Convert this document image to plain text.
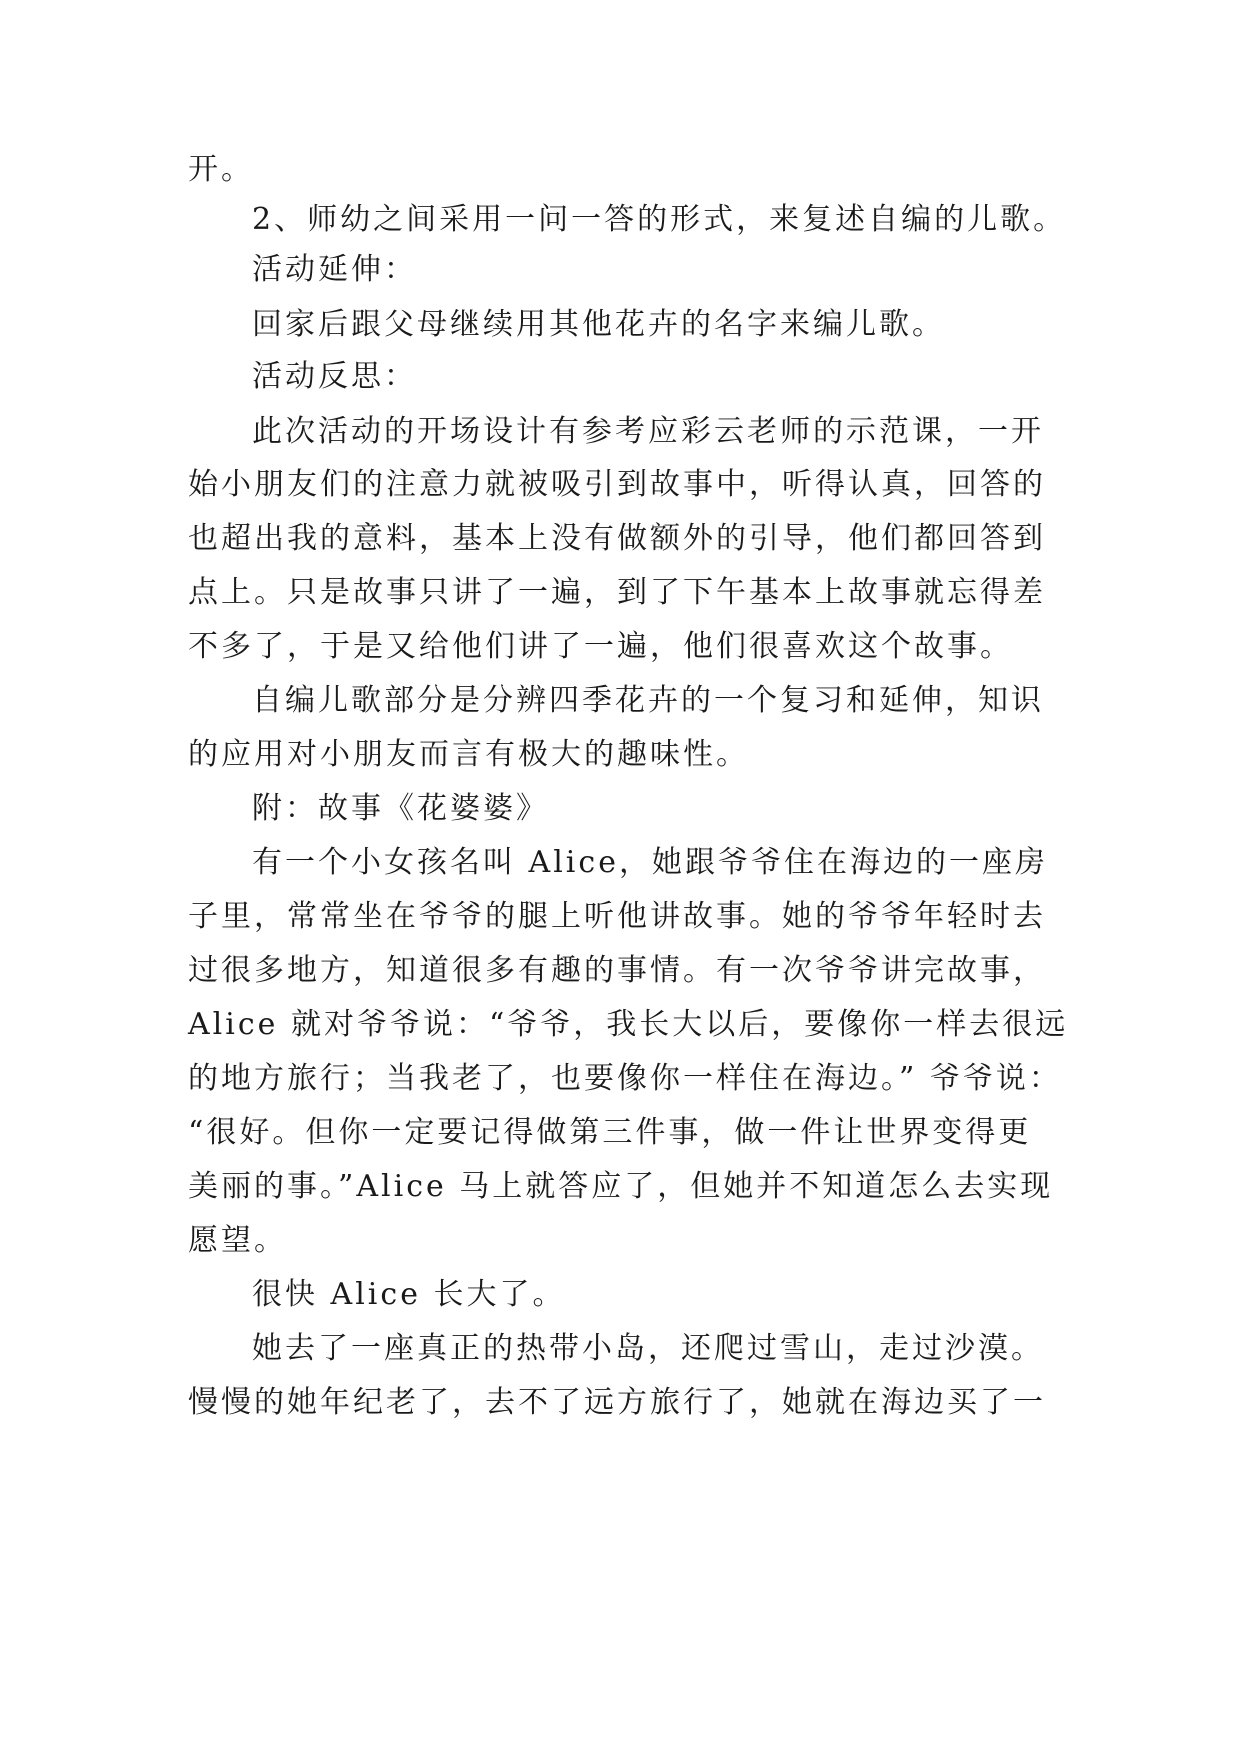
开。
2、师幼之间采用一问一答的形式，来复述自编的儿歌。
活动延伸：
回家后跟父母继续用其他花卉的名字来编儿歌。
活动反思：
此次活动的开场设计有参考应彩云老师的示范课，一开
始小朋友们的注意力就被吸引到故事中，听得认真，回答的
也超出我的意料，基本上没有做额外的引导，他们都回答到
点上。只是故事只讲了一遍，到了下午基本上故事就忘得差
不多了，于是又给他们讲了一遍，他们很喜欢这个故事。
自编儿歌部分是分辨四季花卉的一个复习和延伸，知识
的应用对小朋友而言有极大的趣味性。
附：故事《花婆婆》
有一个小女孩名叫 Alice，她跟爷爷住在海边的一座房
子里，常常坐在爷爷的腿上听他讲故事。她的爷爷年轻时去
过很多地方，知道很多有趣的事情。有一次爷爷讲完故事，
Alice 就对爷爷说：“爷爷，我长大以后，要像你一样去很远
的地方旅行；当我老了，也要像你一样住在海边。” 爷爷说：
“很好。但你一定要记得做第三件事，做一件让世界变得更
美丽的事。”Alice 马上就答应了，但她并不知道怎么去实现
愿望。
很快 Alice 长大了。
她去了一座真正的热带小岛，还爬过雪山，走过沙漠。
慢慢的她年纪老了，去不了远方旅行了，她就在海边买了一
